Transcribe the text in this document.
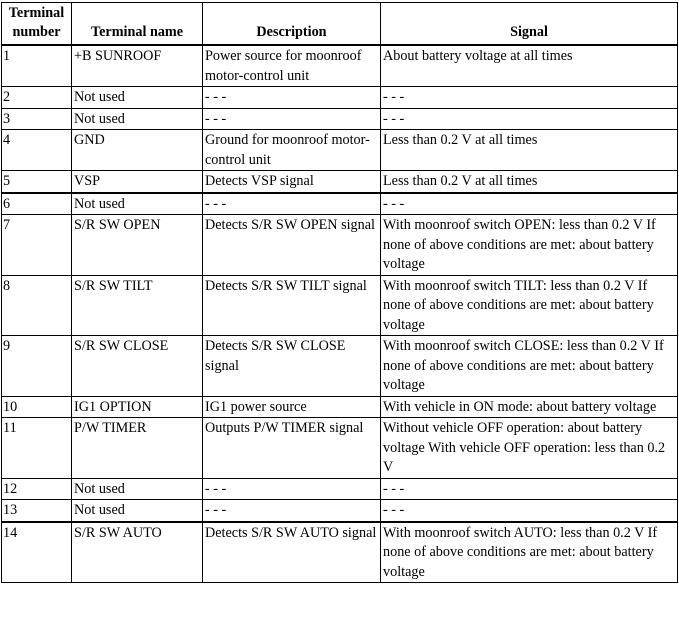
Terminal number	Terminal name	Description	Signal
1	+B SUNROOF	Power source for moonroof motor-control unit	About battery voltage at all times
2	Not used	- - -	- - -
3	Not used	- - -	- - -
4	GND	Ground for moonroof motor-control unit	Less than 0.2 V at all times
5	VSP	Detects VSP signal	Less than 0.2 V at all times
6	Not used	- - -	- - -
7	S/R SW OPEN	Detects S/R SW OPEN signal	With moonroof switch OPEN: less than 0.2 V If none of above conditions are met: about battery voltage
8	S/R SW TILT	Detects S/R SW TILT signal	With moonroof switch TILT: less than 0.2 V If none of above conditions are met: about battery voltage
9	S/R SW CLOSE	Detects S/R SW CLOSE signal	With moonroof switch CLOSE: less than 0.2 V If none of above conditions are met: about battery voltage
10	IG1 OPTION	IG1 power source	With vehicle in ON mode: about battery voltage
11	P/W TIMER	Outputs P/W TIMER signal	Without vehicle OFF operation: about battery voltage With vehicle OFF operation: less than 0.2 V
12	Not used	- - -	- - -
13	Not used	- - -	- - -
14	S/R SW AUTO	Detects S/R SW AUTO signal	With moonroof switch AUTO: less than 0.2 V If none of above conditions are met: about battery voltage
